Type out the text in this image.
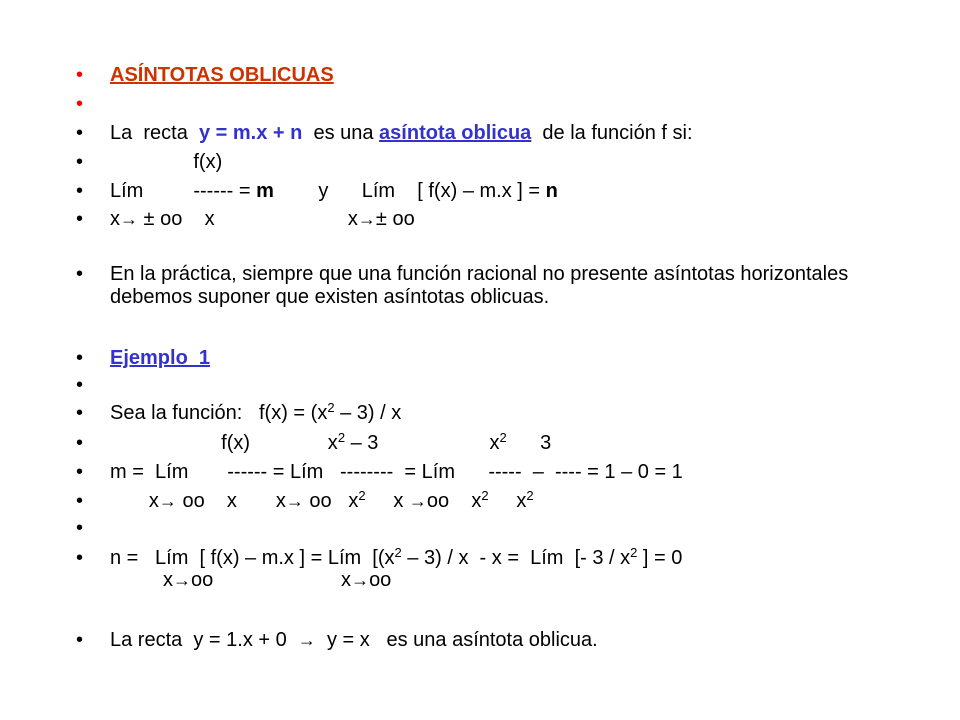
• ASÍNTOTAS OBLICUAS
•
• La  recta  y = m.x + n  es una asíntota oblicua  de la función f si:
• f(x)
• Lím         ------ = m        y      Lím    [ f(x) – m.x ] = n
• x→ ± oo    x                        x→± oo
• En la práctica, siempre que una función racional no presente asíntotas horizontales debemos suponer que existen asíntotas oblicuas.
• Ejemplo  1
•
• Sea la función:   $f(x) = (x^2 - 3) / x$
• f(x)              $x^2 - 3$                    $x^2$      3
• m =  Lím       ------ = Lím   --------  = Lím      -----  –  ---- = 1 – 0 = 1
• x→ oo    x       x→ oo   $x^2$     x →oo    $x^2$     $x^2$
•
• n =   Lím  [ f(x) – m.x ] = Lím  [$(x^2 - 3)$ / x  - x =  Lím  [- $3 / x^2$ ] = 0
x→oo                       x→oo
• La recta  y = 1.x + 0  →  y = x   es una asíntota oblicua.
